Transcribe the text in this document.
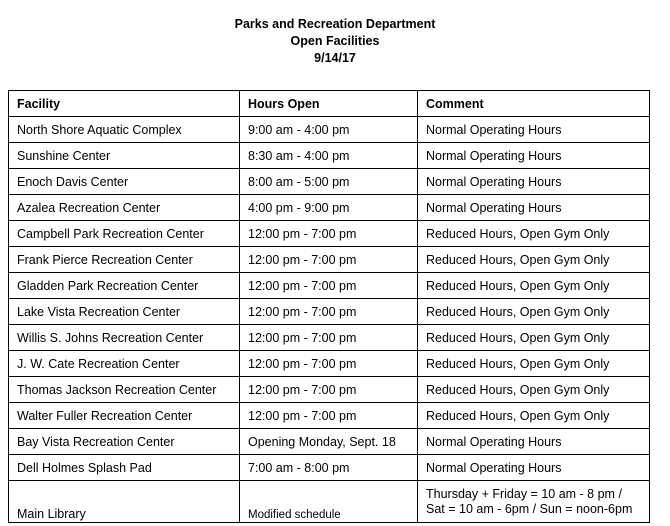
Parks and Recreation Department
Open Facilities
9/14/17
Facility	Hours Open	Comment
North Shore Aquatic Complex	9:00 am - 4:00 pm	Normal Operating Hours
Sunshine Center	8:30 am - 4:00 pm	Normal Operating Hours
Enoch Davis Center	8:00 am - 5:00 pm	Normal Operating Hours
Azalea Recreation Center	4:00 pm - 9:00 pm	Normal Operating Hours
Campbell Park Recreation Center	12:00 pm - 7:00 pm	Reduced Hours, Open Gym Only
Frank Pierce Recreation Center	12:00 pm - 7:00 pm	Reduced Hours, Open Gym Only
Gladden Park Recreation Center	12:00 pm - 7:00 pm	Reduced Hours, Open Gym Only
Lake Vista Recreation Center	12:00 pm - 7:00 pm	Reduced Hours, Open Gym Only
Willis S. Johns Recreation Center	12:00 pm - 7:00 pm	Reduced Hours, Open Gym Only
J. W. Cate Recreation Center	12:00 pm - 7:00 pm	Reduced Hours, Open Gym Only
Thomas Jackson Recreation Center	12:00 pm - 7:00 pm	Reduced Hours, Open Gym Only
Walter Fuller Recreation Center	12:00 pm - 7:00 pm	Reduced Hours, Open Gym Only
Bay Vista Recreation Center	Opening Monday, Sept. 18	Normal Operating Hours
Dell Holmes Splash Pad	7:00 am - 8:00 pm	Normal Operating Hours
Main Library	Modified schedule	Thursday + Friday = 10 am - 8 pm /
Sat = 10 am - 6pm / Sun = noon-6pm
